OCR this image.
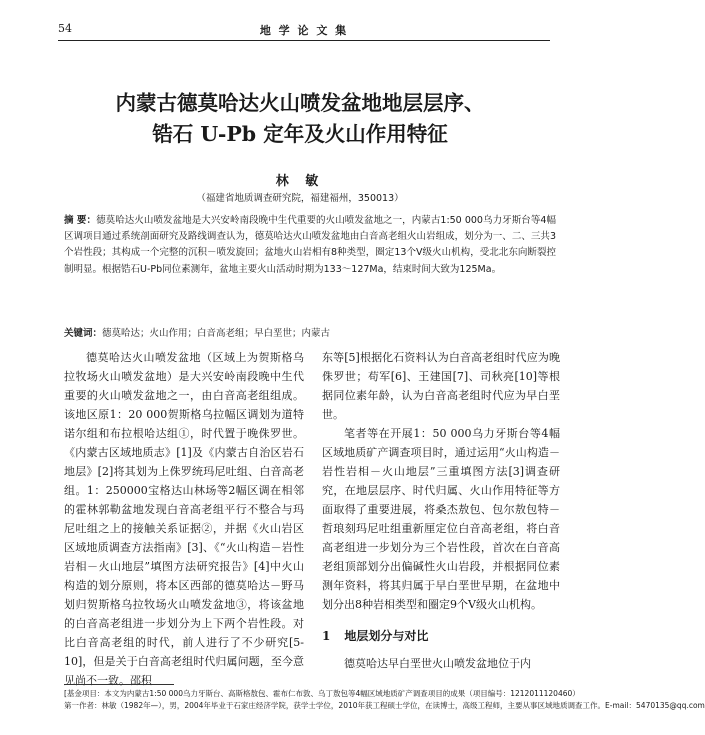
54	地 学 论 文 集
内蒙古德莫哈达火山喷发盆地地层层序、
锆石 U-Pb 定年及火山作用特征
林 敏
（福建省地质调查研究院，福建福州，350013）
摘 要：德莫哈达火山喷发盆地是大兴安岭南段晚中生代重要的火山喷发盆地之一，内蒙古1:50 000乌力牙斯台等4幅区调项目通过系统剖面研究及路线调查认为，德莫哈达火山喷发盆地由白音高老组火山岩组成，划分为一、二、三共3个岩性段；其构成一个完整的沉积－喷发旋回；盆地火山岩相有8种类型，圈定13个Ⅴ级火山机构，受北北东向断裂控制明显。根据锆石U-Pb同位素测年，盆地主要火山活动时期为133～127Ma，结束时间大致为125Ma。
关键词：德莫哈达；火山作用；白音高老组；早白垩世；内蒙古

德莫哈达火山喷发盆地（区域上为贺斯格乌拉牧场火山喷发盆地）是大兴安岭南段晚中生代重要的火山喷发盆地之一，由白音高老组组成。该地区原1：20 000贺斯格乌拉幅区调划为道特诺尔组和布拉根哈达组①，时代置于晚侏罗世。《内蒙古区域地质志》[1]及《内蒙古自治区岩石地层》[2]将其划为上侏罗统玛尼吐组、白音高老组。1：250000宝格达山林场等2幅区调在相邻的霍林郭勒盆地发现白音高老组平行不整合与玛尼吐组之上的接触关系证据②，并据《火山岩区区域地质调查方法指南》[3]、《“火山构造－岩性岩相－火山地层”填图方法研究报告》[4]中火山构造的划分原则，将本区西部的德莫哈达－野马划归贺斯格乌拉牧场火山喷发盆地③，将该盆地的白音高老组进一步划分为上下两个岩性段。对比白音高老组的时代，前人进行了不少研究[5-10]，但是关于白音高老组时代归属问题，至今意见尚不一致。邵积

东等[5]根据化石资料认为白音高老组时代应为晚侏罗世；苟军[6]、王建国[7]、司秋亮[10]等根据同位素年龄，认为白音高老组时代应为早白垩世。

笔者等在开展1：50 000乌力牙斯台等4幅区域地质矿产调查项目时，通过运用“火山构造－岩性岩相－火山地层”三重填图方法[3]调查研究，在地层层序、时代归属、火山作用特征等方面取得了重要进展，将桑杰敖包、包尔敖包特－哲琅刻玛尼吐组重新厘定位白音高老组，将白音高老组进一步划分为三个岩性段，首次在白音高老组顶部划分出偏碱性火山岩段，并根据同位素测年资料，将其归属于早白垩世早期，在盆地中划分出8种岩相类型和圈定9个Ⅴ级火山机构。

1 地层划分与对比

德莫哈达早白垩世火山喷发盆地位于内

[基金项目：本文为内蒙古1:50 000乌力牙斯台、高斯格敖包、霍布仁布敦、乌丁敖包等4幅区域地质矿产调查项目的成果（项目编号：1212011120460）
第一作者：林敏（1982年—），男，2004年毕业于石家庄经济学院，获学士学位，2010年获工程硕士学位，在读博士，高级工程师，主要从事区域地质调查工作。E-mail：5470135@qq.com
